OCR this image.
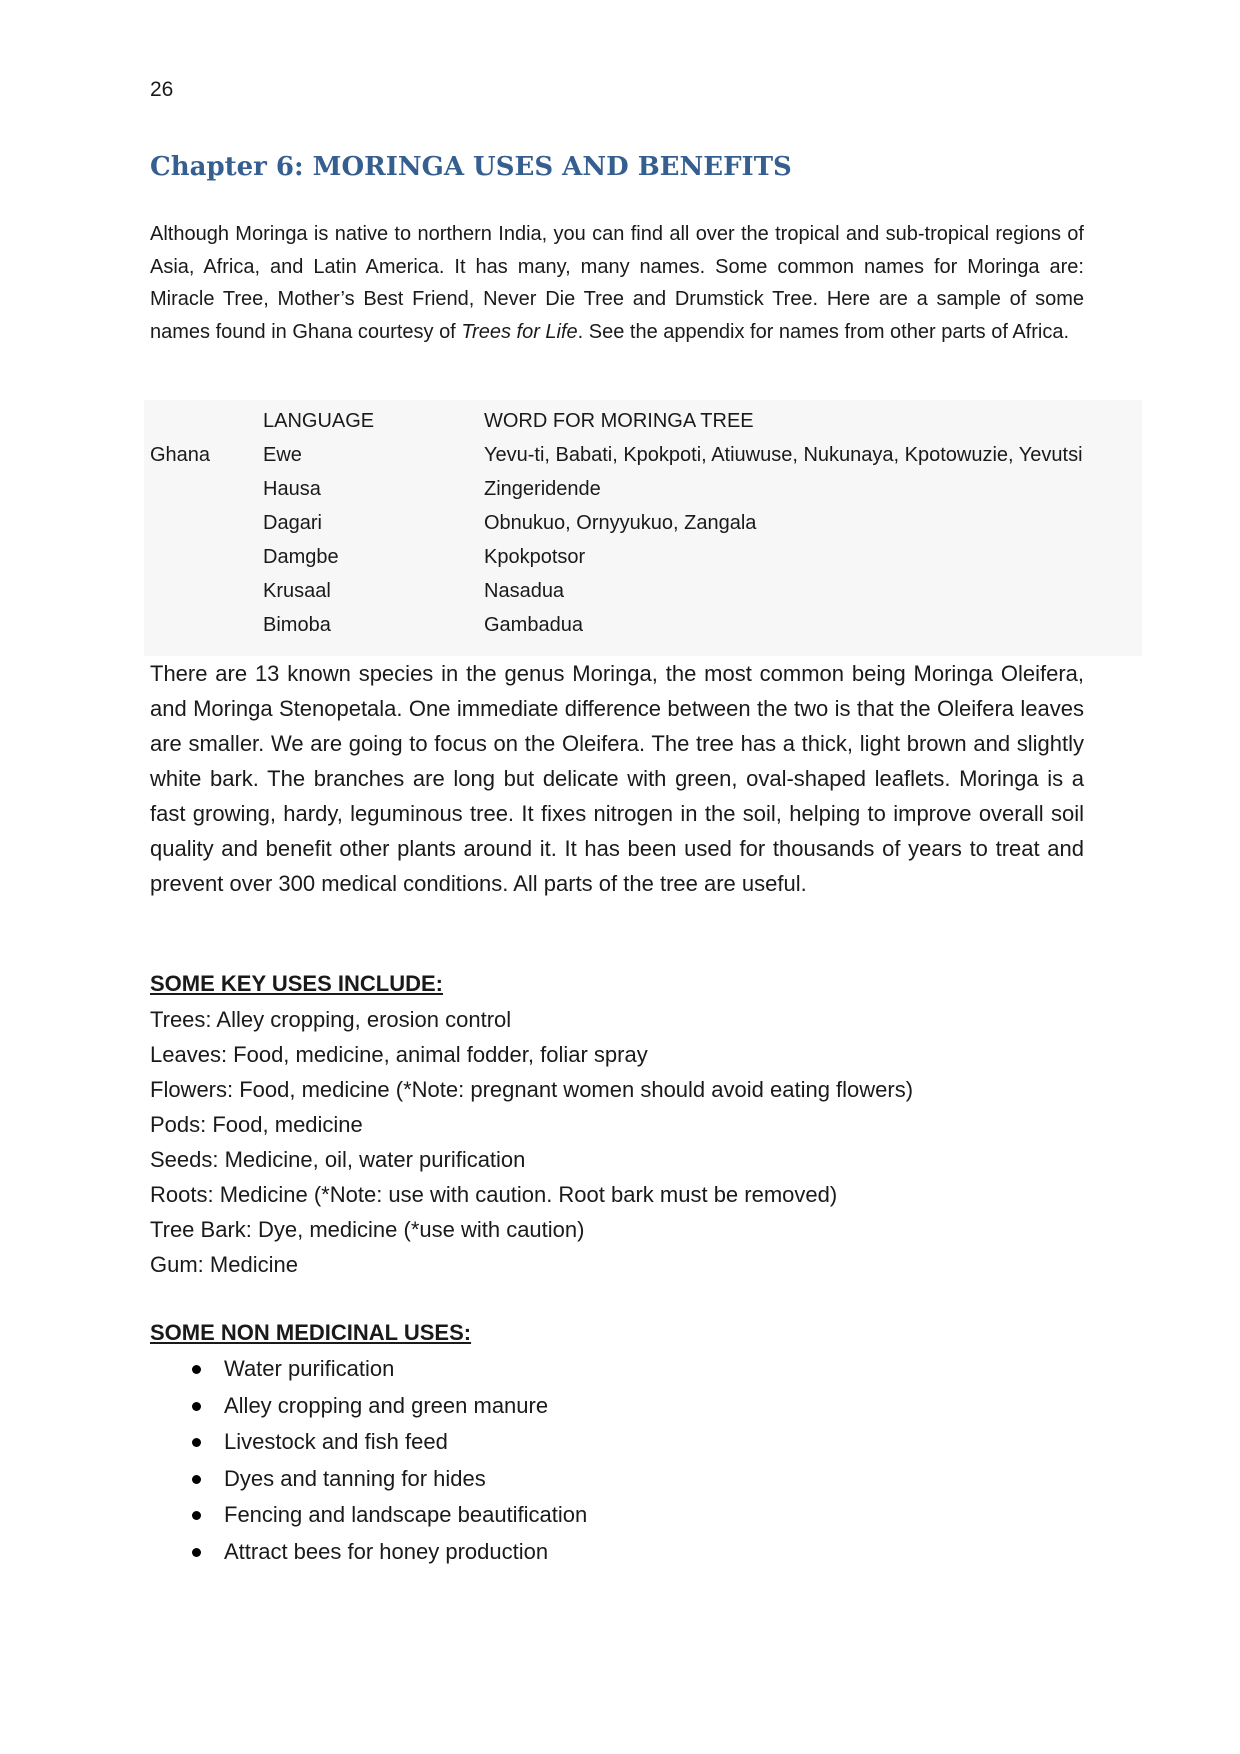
26
Chapter 6: MORINGA USES AND BENEFITS

Although Moringa is native to northern India, you can find all over the tropical and sub-tropical regions of Asia, Africa, and Latin America. It has many, many names. Some common names for Moringa are: Miracle Tree, Mother’s Best Friend, Never Die Tree and Drumstick Tree. Here are a sample of some names found in Ghana courtesy of Trees for Life. See the appendix for names from other parts of Africa.

	LANGUAGE	WORD FOR MORINGA TREE
Ghana	Ewe	Yevu-ti, Babati, Kpokpoti, Atiuwuse, Nukunaya, Kpotowuzie, Yevutsi
	Hausa	Zingeridende
	Dagari	Obnukuo, Ornyyukuo, Zangala
	Damgbe	Kpokpotsor
	Krusaal	Nasadua
	Bimoba	Gambadua

There are 13 known species in the genus Moringa, the most common being Moringa Oleifera, and Moringa Stenopetala. One immediate difference between the two is that the Oleifera leaves are smaller. We are going to focus on the Oleifera. The tree has a thick, light brown and slightly white bark. The branches are long but delicate with green, oval-shaped leaflets. Moringa is a fast growing, hardy, leguminous tree. It fixes nitrogen in the soil, helping to improve overall soil quality and benefit other plants around it. It has been used for thousands of years to treat and prevent over 300 medical conditions. All parts of the tree are useful.

SOME KEY USES INCLUDE:
Trees: Alley cropping, erosion control
Leaves: Food, medicine, animal fodder, foliar spray
Flowers: Food, medicine (*Note: pregnant women should avoid eating flowers)
Pods: Food, medicine
Seeds: Medicine, oil, water purification
Roots: Medicine (*Note: use with caution. Root bark must be removed)
Tree Bark: Dye, medicine (*use with caution)
Gum: Medicine
SOME NON MEDICINAL USES:
Water purification
Alley cropping and green manure
Livestock and fish feed
Dyes and tanning for hides
Fencing and landscape beautification
Attract bees for honey production
